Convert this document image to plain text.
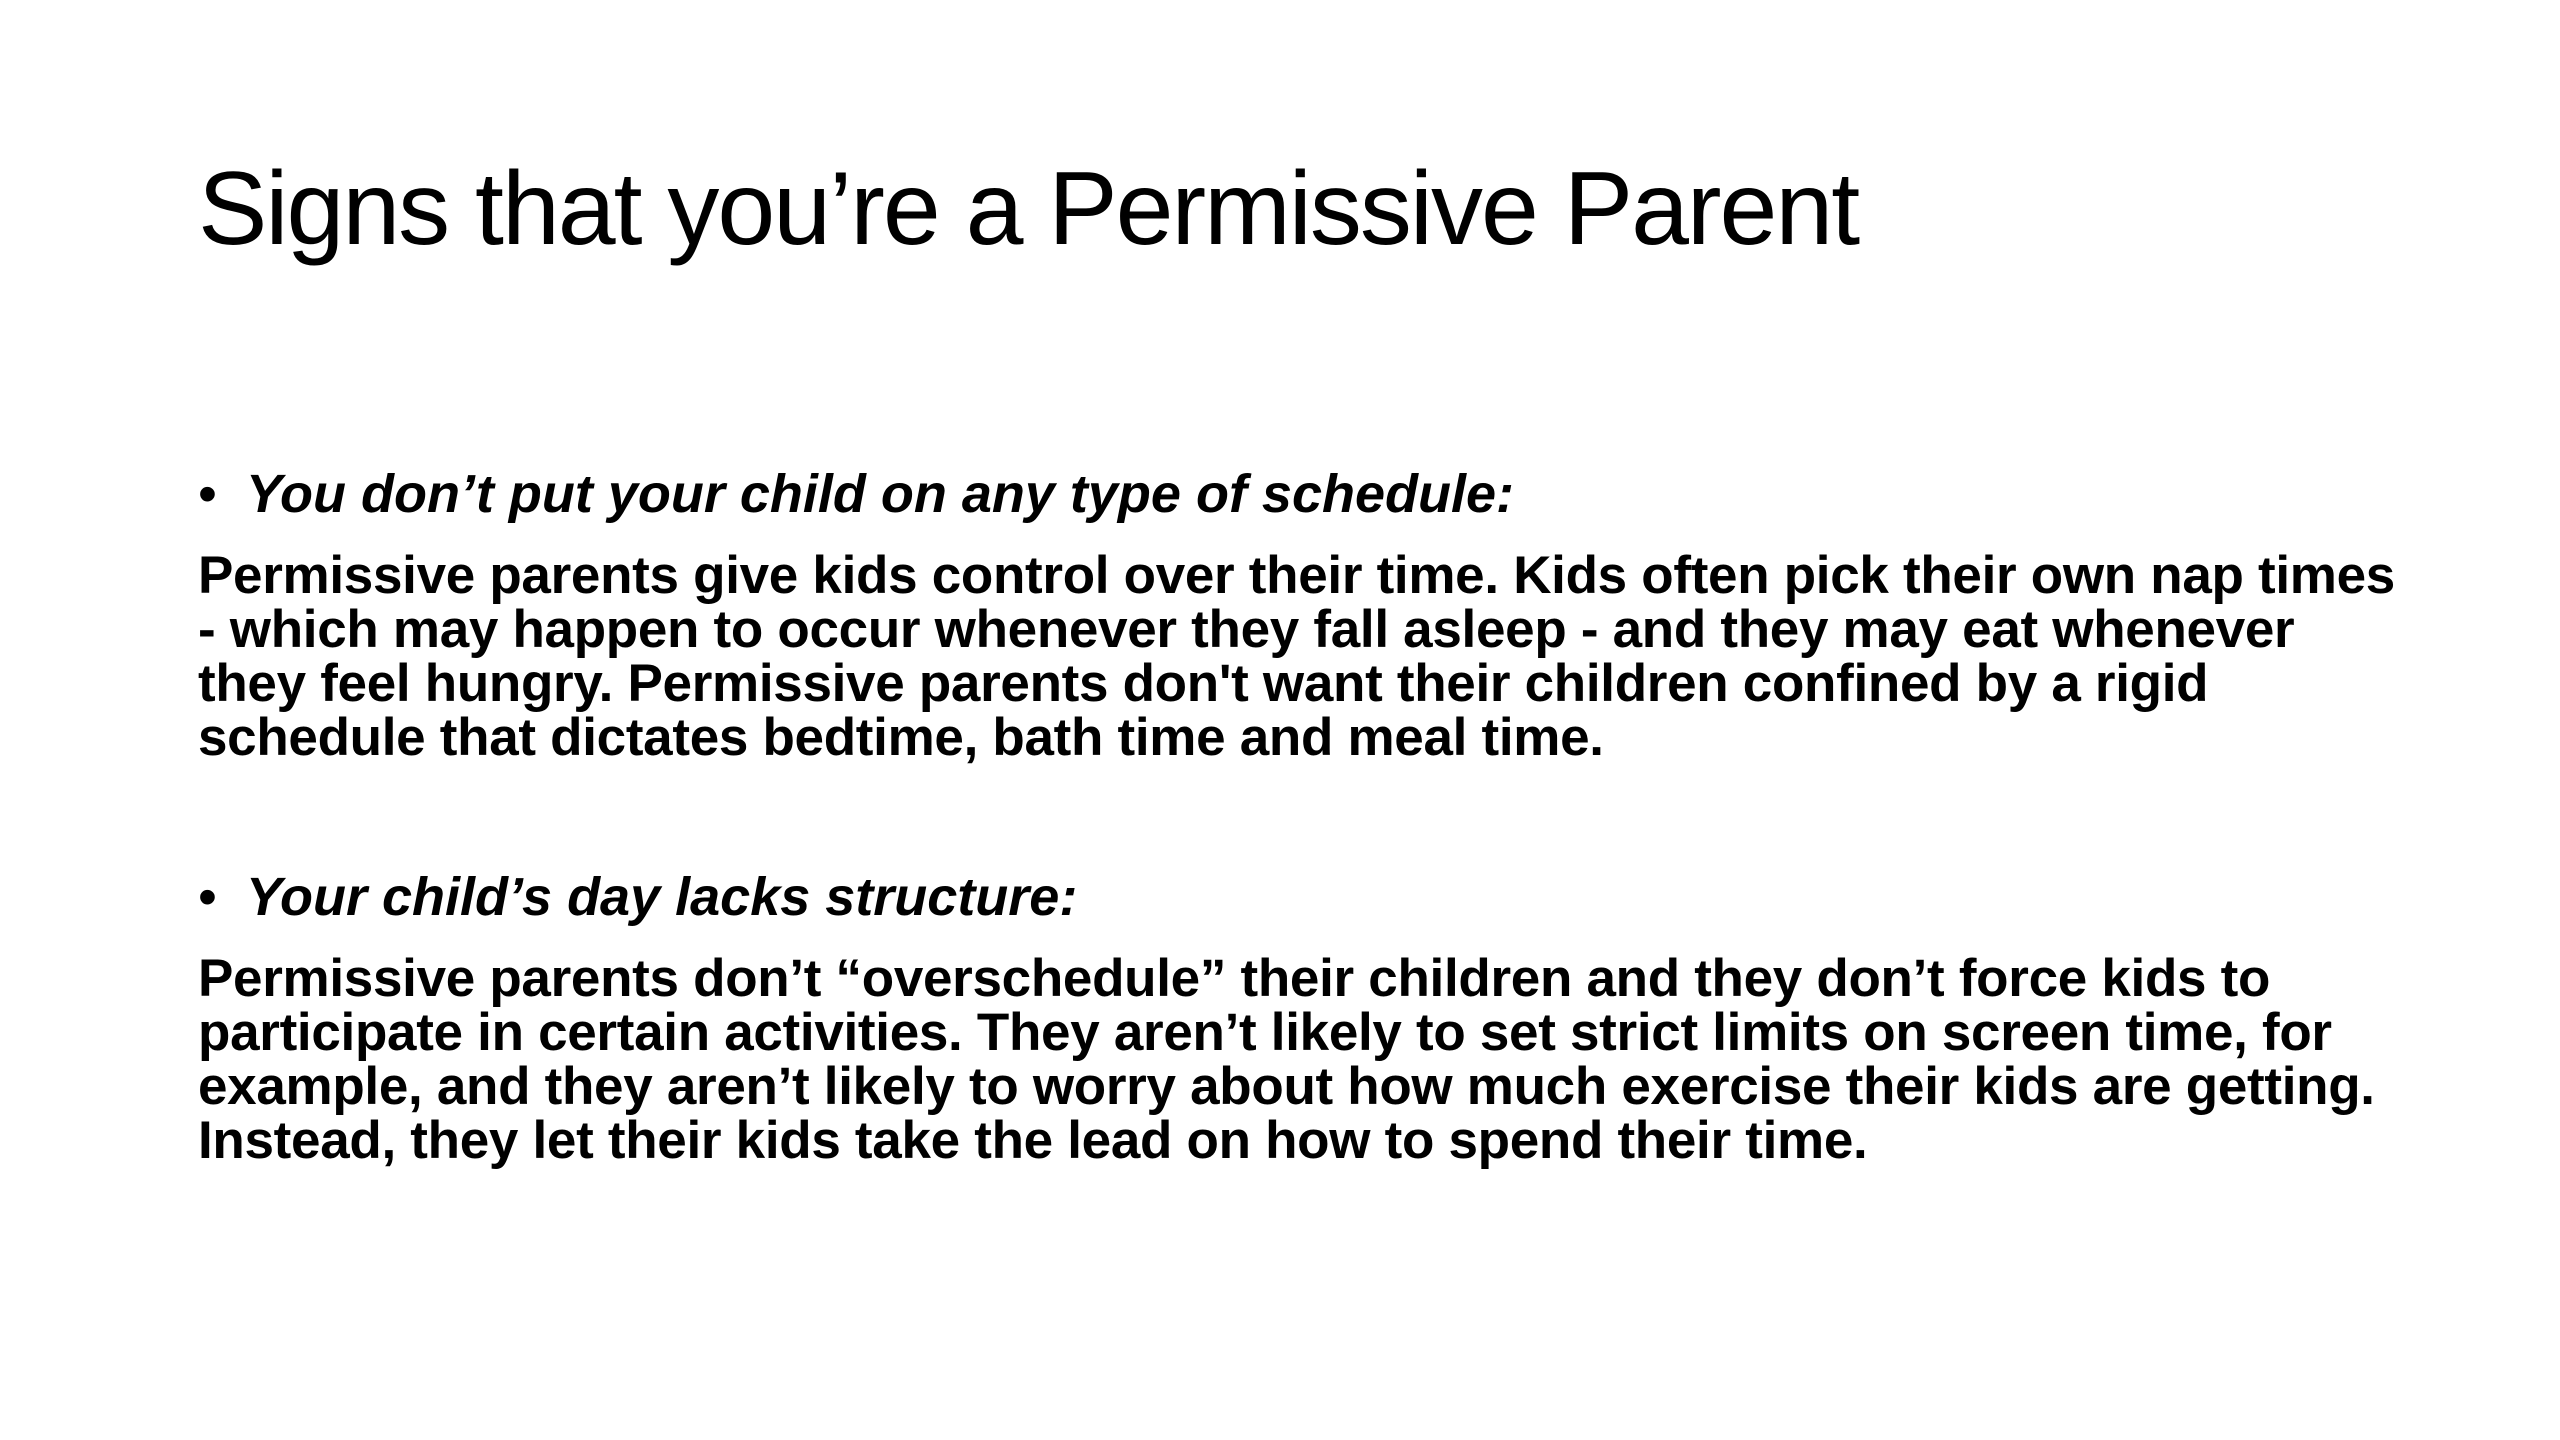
Signs that you’re a Permissive Parent
• You don’t put your child on any type of schedule:

Permissive parents give kids control over their time. Kids often pick their own nap times - which may happen to occur whenever they fall asleep - and they may eat whenever they feel hungry. Permissive parents don't want their children confined by a rigid schedule that dictates bedtime, bath time and meal time.

• Your child’s day lacks structure:

Permissive parents don’t “overschedule” their children and they don’t force kids to participate in certain activities. They aren’t likely to set strict limits on screen time, for example, and they aren’t likely to worry about how much exercise their kids are getting. Instead, they let their kids take the lead on how to spend their time.
